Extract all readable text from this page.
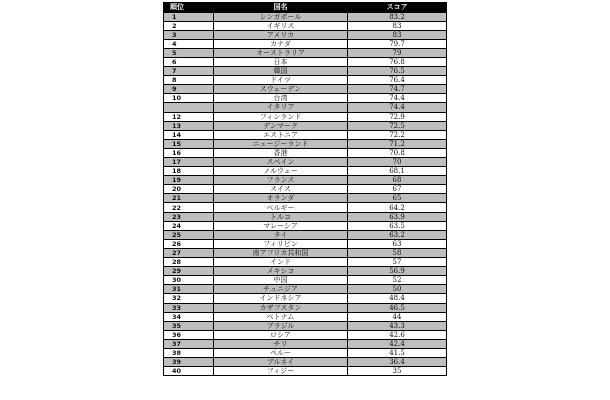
順位	国名	スコア
1	シンガポール	83.2
2	イギリス	83
3	アメリカ	83
4	カナダ	79.7
5	オーストラリア	79
6	日本	76.8
7	韓国	76.5
8	ドイツ	76.4
9	スウェーデン	74.7
10	台湾	74.4
	イタリア	74.4
12	フィンランド	72.9
13	デンマーク	72.5
14	エストニア	72.2
15	ニュージーランド	71.2
16	香港	70.8
17	スペイン	70
18	ノルウェー	68.1
19	フランス	68
20	スイス	67
21	オランダ	65
22	ベルギー	64.2
23	トルコ	63.9
24	マレーシア	63.5
25	タイ	63.2
26	フィリピン	63
27	南アフリカ共和国	58
28	インド	57
29	メキシコ	56.9
30	中国	52
31	チュニジア	50
32	インドネシア	48.4
33	カザフスタン	46.5
34	ベトナム	44
35	ブラジル	43.3
36	ロシア	42.6
37	チリ	42.4
38	ペルー	41.5
39	ブルネイ	36.4
40	フィジー	35
